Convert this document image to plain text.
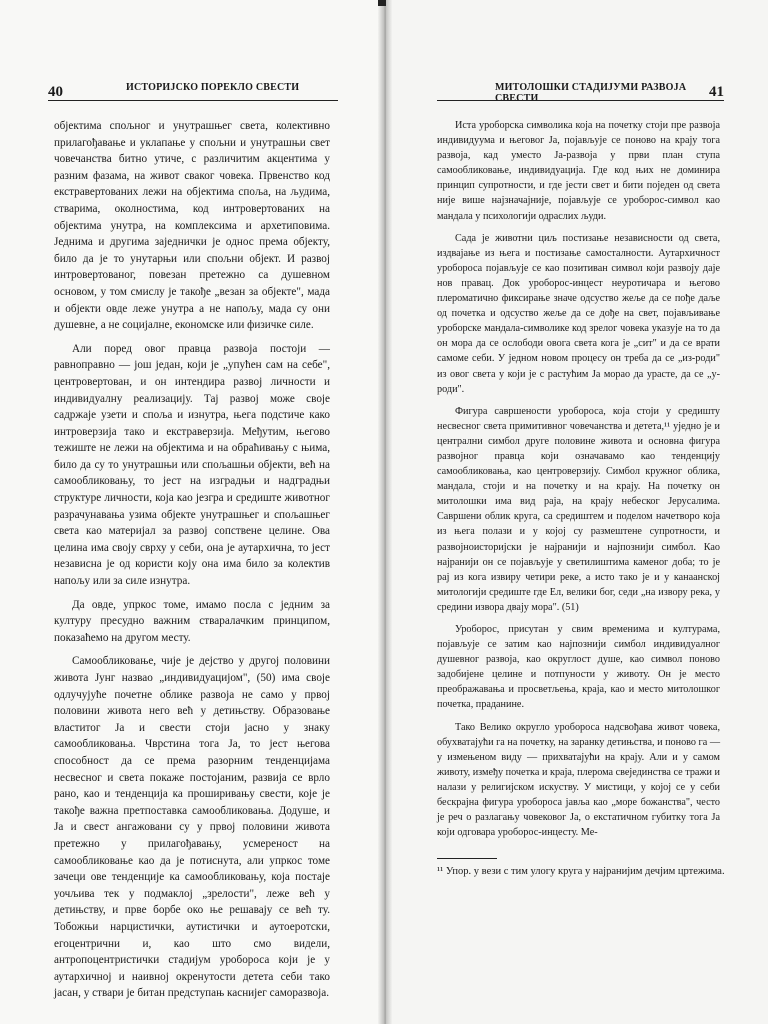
40	ИСТОРИЈСКО ПОРЕКЛО СВЕСТИ

објектима спољног и унутрашњег света, колективно прилагођавање и уклапање у спољни и унутрашњи свет човечанства битно утиче, с различитим акцентима у разним фазама, на живот сваког човека. Првенство код екстравертованих лежи на објектима споља, на људима, стварима, околностима, код интровертованих на објектима унутра, на комплексима и архетиповима. Једнима и другима заједнички је однос према објекту, било да је то унутарњи или спољни објект. И развој интровертованог, повезан претежно са душевном основом, у том смислу је такође „везан за објекте", мада и објекти овде леже унутра а не напољу, мада су они душевне, а не социјалне, економске или физичке силе.

Али поред овог правца развоја постоји — равноправно — још један, који је „упућен сам на себе", центровертован, и он интендира развој личности и индивидуалну реализацију. Тај развој може своје садржаје узети и споља и изнутра, њега подстиче како интроверзија тако и екстраверзија. Међутим, његово тежиште не лежи на објектима и на обраћивању с њима, било да су то унутрашњи или спољашњи објекти, већ на самообликовању, то јест на изградњи и надградњи структуре личности, која као језгра и средиште животног разрачунавања узима објекте унутрашњег и спољашњег света као материјал за развој сопствене целине. Ова целина има своју сврху у себи, она је аутархична, то јест независна је од користи коју она има било за колектив напољу или за силе изнутра.

Да овде, упркос томе, имамо посла с једним за културу пресудно важним стваралачким принципом, показаћемо на другом месту.

Самообликовање, чије је дејство у другој половини живота Јунг назвао „индивидуацијом", (50) има своје одлучујуће почетне облике развоја не само у првој половини живота него већ у детињству. Образовање властитог Ја и свести стоји јасно у знаку самообликовања. Чврстина тога Ја, то јест његова способност да се према разорним тенденцијама несвесног и света покаже постојаним, развија се врло рано, као и тенденција ка проширивању свести, које је такође важна претпоставка самообликовања. Додуше, и Ја и свест ангажовани су у првој половини живота претежно у прилагођавању, усмереност на самообликовање као да је потиснута, али упркос томе зачеци ове тенденције ка самообликовању, која постаје уочљива тек у подмаклој „зрелости", леже већ у детињству, и прве борбе око ње решавају се већ ту. Тобожњи нарцистички, аутистички и аутоеротски, егоцентрични и, као што смо видели, антропоцентристички стадијум уробороса који је у аутархичној и наивној окренутости детета себи тако јасан, у ствари је битан предступањ каснијег саморазвоја.

МИТОЛОШКИ СТАДИЈУМИ РАЗВОЈА СВЕСТИ	41

Иста уроборска символика која на почетку стоји пре развоја индивидуума и његовог Ја, појављује се поново на крају тога развоја, кад уместо Ја-развоја у први план ступа самообликовање, индивидуација. Где код њих не доминира принцип супротности, и где јести свет и бити поједен од света није више најзначајније, појављује се уроборос-символ као мандала у психологији одраслих људи.

Сада је животни циљ постизање независности од света, издвајање из њега и постизање самосталности. Аутархичност уробороса појављује се као позитиван символ који развоју даје нов правац. Док уроборос-инцест неуротичара и његово плероматично фиксирање значе одсуство жеље да се пође даље од почетка и одсуство жеље да се дође на свет, појављивање уроборске мандала-символике код зрелог човека указује на то да он мора да се ослободи овога света кога је „сит" и да се врати самоме себи. У једном новом процесу он треба да се „из-роди" из овог света у који је с растућим Ја морао да урасте, да се „у-роди".

Фигура савршености уробороса, која стоји у средишту несвесног света примитивног човечанства и детета,¹¹ уједно је и централни симбол друге половине живота и основна фигура развојног правца који означавамо као тенденцију самообликовања, као центроверзију. Симбол кружног облика, мандала, стоји и на почетку и на крају. На почетку он митолошки има вид раја, на крају небеског Јерусалима. Савршени облик круга, са средиштем и поделом начетворо која из њега полази и у којој су размештене супротности, и развојноисторијски је најранији и најпознији симбол. Као најранији он се појављује у светилиштима каменог доба; то је рај из кога извиру четири реке, а исто тако је и у канаанској митологији средиште где Ел, велики бог, седи „на извору река, у средини извора двају мора". (51)

Уроборос, присутан у свим временима и културама, појављује се затим као најпознији симбол индивидуалног душевног развоја, као округлост душе, као символ поново задобијене целине и потпуности у животу. Он је место преображавања и просветљења, краја, као и место митолошког почетка, праданине.

Тако Велико округло уробороса надсвођава живот човека, обухватајући га на почетку, на заранку детињства, и поново га — у измењеном виду — прихватајући на крају. Али и у самом животу, између почетка и краја, плерома свејединства се тражи и налази у религијском искуству. У мистици, у којој се у себи бескрајна фигура уробороса јавља као „море божанства", често је реч о разлагању човековог Ја, о екстатичном губитку тога Ја који одговара уроборос-инцесту. Ме-

¹¹ Упор. у вези с тим улогу круга у најранијим дечјим цртежима.
